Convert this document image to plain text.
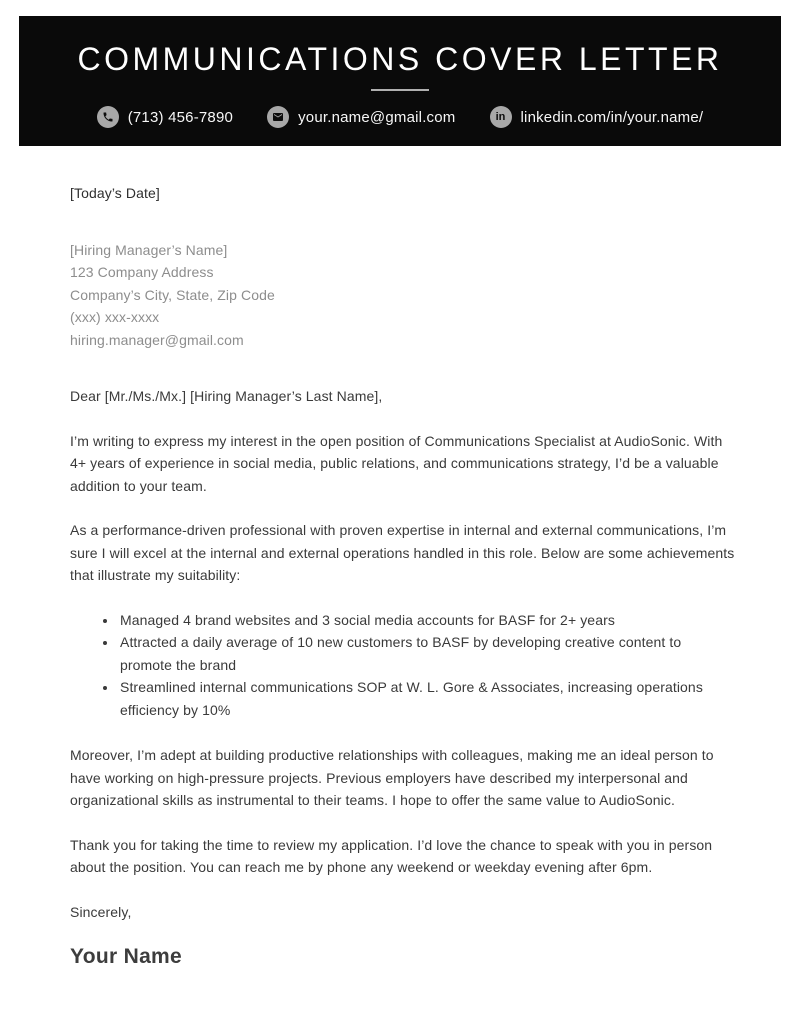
COMMUNICATIONS COVER LETTER
(713) 456-7890	your.name@gmail.com	in linkedin.com/in/your.name/
[Today’s Date]
[Hiring Manager’s Name]
123 Company Address
Company’s City, State, Zip Code
(xxx) xxx-xxxx
hiring.manager@gmail.com
Dear [Mr./Ms./Mx.] [Hiring Manager’s Last Name],

I’m writing to express my interest in the open position of Communications Specialist at AudioSonic. With 4+ years of experience in social media, public relations, and communications strategy, I’d be a valuable addition to your team.

As a performance-driven professional with proven expertise in internal and external communications, I’m sure I will excel at the internal and external operations handled in this role. Below are some achievements that illustrate my suitability:

• Managed 4 brand websites and 3 social media accounts for BASF for 2+ years
• Attracted a daily average of 10 new customers to BASF by developing creative content to promote the brand
• Streamlined internal communications SOP at W. L. Gore & Associates, increasing operations efficiency by 10%

Moreover, I’m adept at building productive relationships with colleagues, making me an ideal person to have working on high-pressure projects. Previous employers have described my interpersonal and organizational skills as instrumental to their teams. I hope to offer the same value to AudioSonic.

Thank you for taking the time to review my application. I’d love the chance to speak with you in person about the position. You can reach me by phone any weekend or weekday evening after 6pm.

Sincerely,
Your Name
